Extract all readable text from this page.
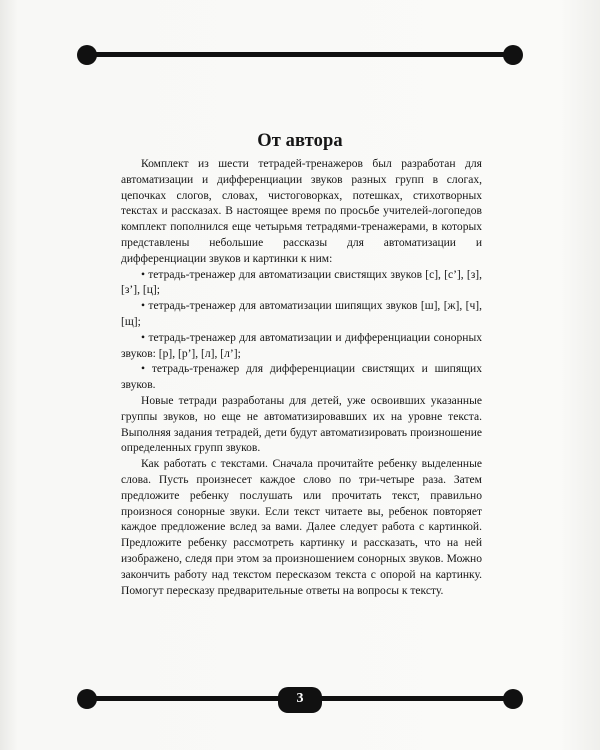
От автора

Комплект из шести тетрадей-тренажеров был разработан для автоматизации и дифференциации звуков разных групп в слогах, цепочках слогов, словах, чистоговорках, потешках, стихотворных текстах и рассказах. В настоящее время по просьбе учителей-логопедов комплект пополнился еще четырьмя тетрадями-тренажерами, в которых представлены небольшие рассказы для автоматизации и дифференциации звуков и картинки к ним:

• тетрадь-тренажер для автоматизации свистящих звуков [с], [с’], [з], [з’], [ц];

• тетрадь-тренажер для автоматизации шипящих звуков [ш], [ж], [ч], [щ];

• тетрадь-тренажер для автоматизации и дифференциации сонорных звуков: [р], [р’], [л], [л’];

• тетрадь-тренажер для дифференциации свистящих и шипящих звуков.

Новые тетради разработаны для детей, уже освоивших указанные группы звуков, но еще не автоматизировавших их на уровне текста. Выполняя задания тетрадей, дети будут автоматизировать произношение определенных групп звуков.

Как работать с текстами. Сначала прочитайте ребенку выделенные слова. Пусть произнесет каждое слово по три-четыре раза. Затем предложите ребенку послушать или прочитать текст, правильно произнося сонорные звуки. Если текст читаете вы, ребенок повторяет каждое предложение вслед за вами. Далее следует работа с картинкой. Предложите ребенку рассмотреть картинку и рассказать, что на ней изображено, следя при этом за произношением сонорных звуков. Можно закончить работу над текстом пересказом текста с опорой на картинку. Помогут пересказу предварительные ответы на вопросы к тексту.

3
